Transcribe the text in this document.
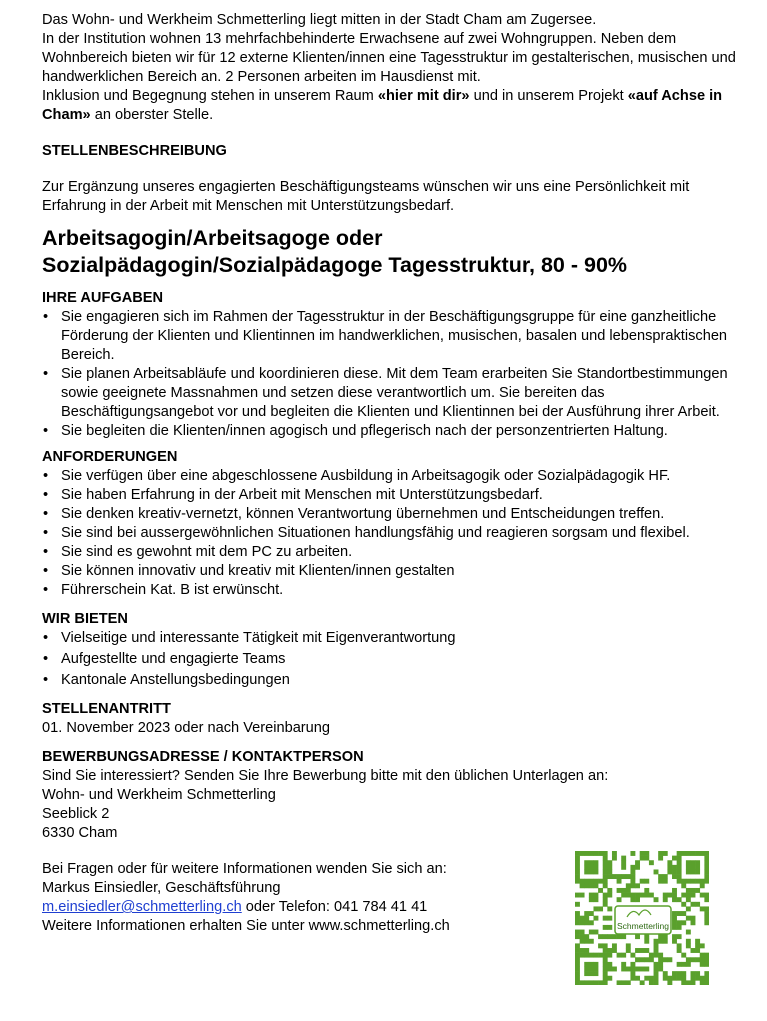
Das Wohn- und Werkheim Schmetterling liegt mitten in der Stadt Cham am Zugersee.

In der Institution wohnen 13 mehrfachbehinderte Erwachsene auf zwei Wohngruppen. Neben dem Wohnbereich bieten wir für 12 externe Klienten/innen eine Tagesstruktur im gestalterischen, musischen und handwerklichen Bereich an. 2 Personen arbeiten im Hausdienst mit.

Inklusion und Begegnung stehen in unserem Raum «hier mit dir» und in unserem Projekt «auf Achse in Cham» an oberster Stelle.

STELLENBESCHREIBUNG

Zur Ergänzung unseres engagierten Beschäftigungsteams wünschen wir uns eine Persönlichkeit mit Erfahrung in der Arbeit mit Menschen mit Unterstützungsbedarf.

Arbeitsagogin/Arbeitsagoge oder

Sozialpädagogin/Sozialpädagoge Tagesstruktur, 80 - 90%

IHRE AUFGABEN

• Sie engagieren sich im Rahmen der Tagesstruktur in der Beschäftigungsgruppe für eine ganzheitliche Förderung der Klienten und Klientinnen im handwerklichen, musischen, basalen und lebenspraktischen Bereich.
• Sie planen Arbeitsabläufe und koordinieren diese. Mit dem Team erarbeiten Sie Standortbestimmungen sowie geeignete Massnahmen und setzen diese verantwortlich um. Sie bereiten das Beschäftigungsangebot vor und begleiten die Klienten und Klientinnen bei der Ausführung ihrer Arbeit.
• Sie begleiten die Klienten/innen agogisch und pflegerisch nach der personzentrierten Haltung.

ANFORDERUNGEN

• Sie verfügen über eine abgeschlossene Ausbildung in Arbeitsagogik oder Sozialpädagogik HF.
• Sie haben Erfahrung in der Arbeit mit Menschen mit Unterstützungsbedarf.
• Sie denken kreativ-vernetzt, können Verantwortung übernehmen und Entscheidungen treffen.
• Sie sind bei aussergewöhnlichen Situationen handlungsfähig und reagieren sorgsam und flexibel.
• Sie sind es gewohnt mit dem PC zu arbeiten.
• Sie können innovativ und kreativ mit Klienten/innen gestalten
• Führerschein Kat. B ist erwünscht.

WIR BIETEN

• Vielseitige und interessante Tätigkeit mit Eigenverantwortung
• Aufgestellte und engagierte Teams
• Kantonale Anstellungsbedingungen

STELLENANTRITT

01. November 2023 oder nach Vereinbarung

BEWERBUNGSADRESSE / KONTAKTPERSON

Sind Sie interessiert? Senden Sie Ihre Bewerbung bitte mit den üblichen Unterlagen an:

Wohn- und Werkheim Schmetterling

Seeblick 2

6330 Cham

Bei Fragen oder für weitere Informationen wenden Sie sich an:

Markus Einsiedler, Geschäftsführung

m.einsiedler@schmetterling.ch oder Telefon: 041 784 41 41

Weitere Informationen erhalten Sie unter www.schmetterling.ch	Schmetterling
